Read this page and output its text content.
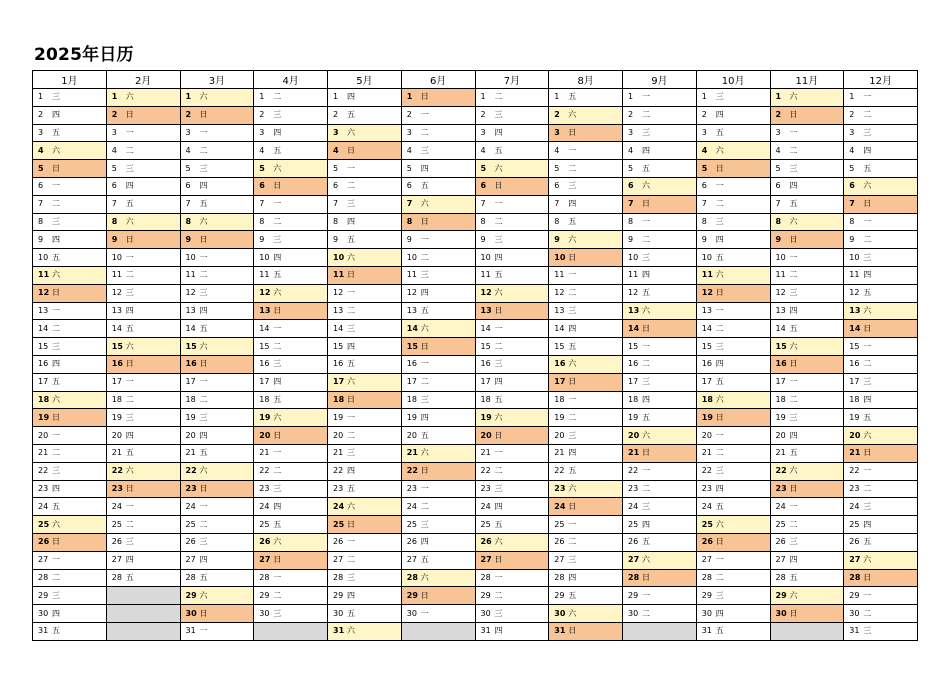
2025年日历
1月	2月	3月	4月	5月	6月	7月	8月	9月	10月	11月	12月
1 三	1 六	1 六	1 二	1 四	1 日	1 二	1 五	1 一	1 三	1 六	1 一
2 四	2 日	2 日	2 三	2 五	2 一	2 三	2 六	2 二	2 四	2 日	2 二
3 五	3 一	3 一	3 四	3 六	3 二	3 四	3 日	3 三	3 五	3 一	3 三
4 六	4 二	4 二	4 五	4 日	4 三	4 五	4 一	4 四	4 六	4 二	4 四
5 日	5 三	5 三	5 六	5 一	5 四	5 六	5 二	5 五	5 日	5 三	5 五
6 一	6 四	6 四	6 日	6 二	6 五	6 日	6 三	6 六	6 一	6 四	6 六
7 二	7 五	7 五	7 一	7 三	7 六	7 一	7 四	7 日	7 二	7 五	7 日
8 三	8 六	8 六	8 二	8 四	8 日	8 二	8 五	8 一	8 三	8 六	8 一
9 四	9 日	9 日	9 三	9 五	9 一	9 三	9 六	9 二	9 四	9 日	9 二
10 五	10 一	10 一	10 四	10 六	10 二	10 四	10 日	10 三	10 五	10 一	10 三
11 六	11 二	11 二	11 五	11 日	11 三	11 五	11 一	11 四	11 六	11 二	11 四
12 日	12 三	12 三	12 六	12 一	12 四	12 六	12 二	12 五	12 日	12 三	12 五
13 一	13 四	13 四	13 日	13 二	13 五	13 日	13 三	13 六	13 一	13 四	13 六
14 二	14 五	14 五	14 一	14 三	14 六	14 一	14 四	14 日	14 二	14 五	14 日
15 三	15 六	15 六	15 二	15 四	15 日	15 二	15 五	15 一	15 三	15 六	15 一
16 四	16 日	16 日	16 三	16 五	16 一	16 三	16 六	16 二	16 四	16 日	16 二
17 五	17 一	17 一	17 四	17 六	17 二	17 四	17 日	17 三	17 五	17 一	17 三
18 六	18 二	18 二	18 五	18 日	18 三	18 五	18 一	18 四	18 六	18 二	18 四
19 日	19 三	19 三	19 六	19 一	19 四	19 六	19 二	19 五	19 日	19 三	19 五
20 一	20 四	20 四	20 日	20 二	20 五	20 日	20 三	20 六	20 一	20 四	20 六
21 二	21 五	21 五	21 一	21 三	21 六	21 一	21 四	21 日	21 二	21 五	21 日
22 三	22 六	22 六	22 二	22 四	22 日	22 二	22 五	22 一	22 三	22 六	22 一
23 四	23 日	23 日	23 三	23 五	23 一	23 三	23 六	23 二	23 四	23 日	23 二
24 五	24 一	24 一	24 四	24 六	24 二	24 四	24 日	24 三	24 五	24 一	24 三
25 六	25 二	25 二	25 五	25 日	25 三	25 五	25 一	25 四	25 六	25 二	25 四
26 日	26 三	26 三	26 六	26 一	26 四	26 六	26 二	26 五	26 日	26 三	26 五
27 一	27 四	27 四	27 日	27 二	27 五	27 日	27 三	27 六	27 一	27 四	27 六
28 二	28 五	28 五	28 一	28 三	28 六	28 一	28 四	28 日	28 二	28 五	28 日
29 三		29 六	29 二	29 四	29 日	29 二	29 五	29 一	29 三	29 六	29 一
30 四		30 日	30 三	30 五	30 一	30 三	30 六	30 二	30 四	30 日	30 二
31 五		31 一		31 六		31 四	31 日		31 五		31 三
